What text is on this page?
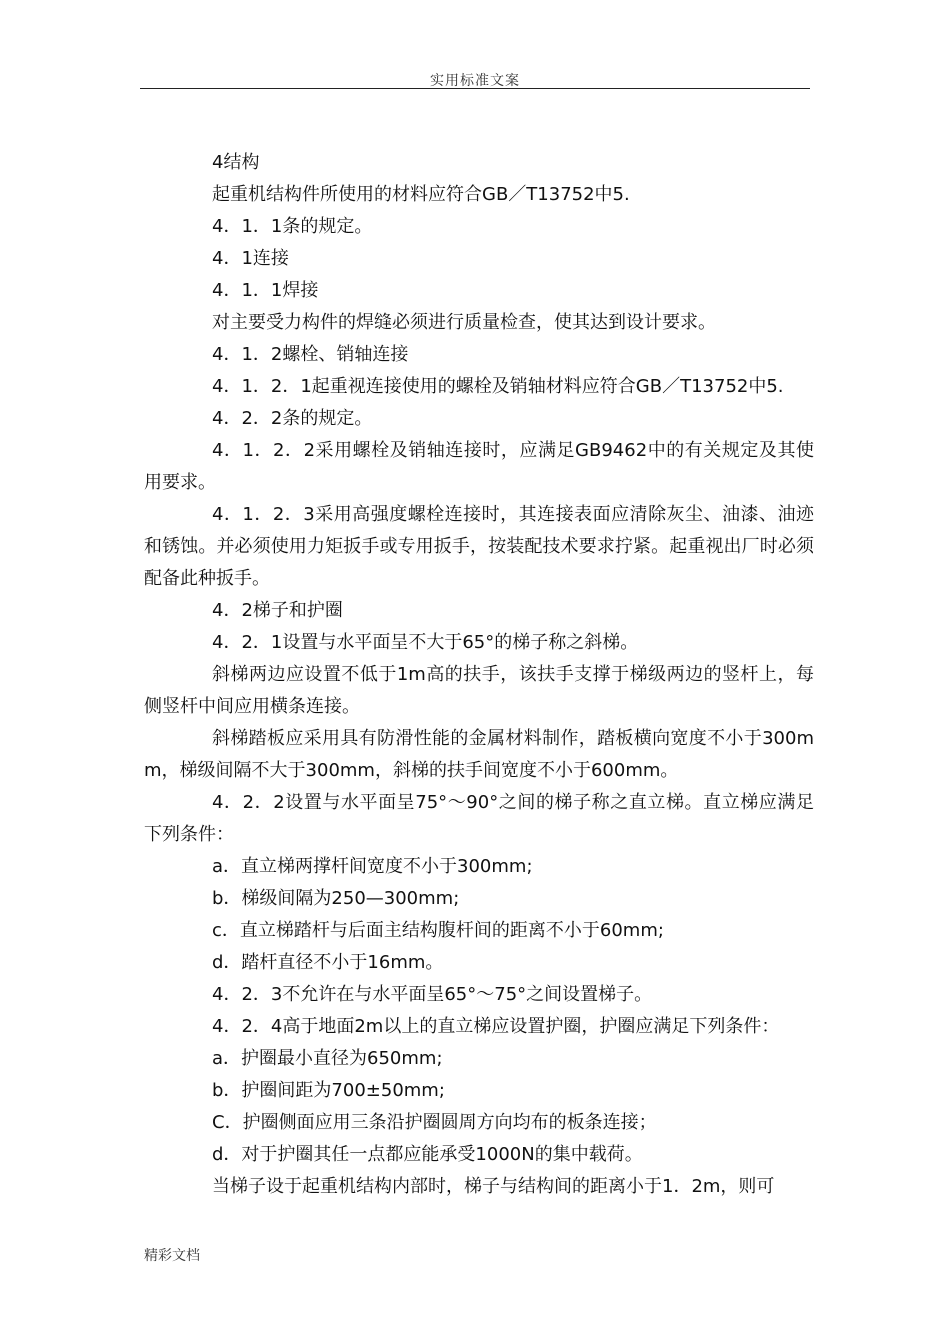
实用标准文案

4结构

起重机结构件所使用的材料应符合GB／T13752中5.

4．1．1条的规定。

4．1连接

4．1．1焊接

对主要受力构件的焊缝必须进行质量检查，使其达到设计要求。

4．1．2螺栓、销轴连接

4．1．2．1起重视连接使用的螺栓及销轴材料应符合GB／T13752中5.

4．2．2条的规定。

4．1．2．2采用螺栓及销轴连接时，应满足GB9462中的有关规定及其使用要求。

4．1．2．3采用高强度螺栓连接时，其连接表面应清除灰尘、油漆、油迹和锈蚀。并必须使用力矩扳手或专用扳手，按装配技术要求拧紧。起重视出厂时必须配备此种扳手。

4．2梯子和护圈

4．2．1设置与水平面呈不大于65°的梯子称之斜梯。

斜梯两边应设置不低于1m高的扶手，该扶手支撑于梯级两边的竖杆上，每侧竖杆中间应用横条连接。

斜梯踏板应采用具有防滑性能的金属材料制作，踏板横向宽度不小于300mm，梯级间隔不大于300mm，斜梯的扶手间宽度不小于600mm。

4．2．2设置与水平面呈75°～90°之间的梯子称之直立梯。直立梯应满足下列条件：

a．直立梯两撑杆间宽度不小于300mm;

b．梯级间隔为250—300mm;

c．直立梯踏杆与后面主结构腹杆间的距离不小于60mm;

d．踏杆直径不小于16mm。

4．2．3不允许在与水平面呈65°～75°之间设置梯子。

4．2．4高于地面2m以上的直立梯应设置护圈，护圈应满足下列条件：

a．护圈最小直径为650mm;

b．护圈间距为700±50mm;

C．护圈侧面应用三条沿护圈圆周方向均布的板条连接；

d．对于护圈其任一点都应能承受1000N的集中载荷。

当梯子设于起重机结构内部时，梯子与结构间的距离小于1．2m，则可

精彩文档
